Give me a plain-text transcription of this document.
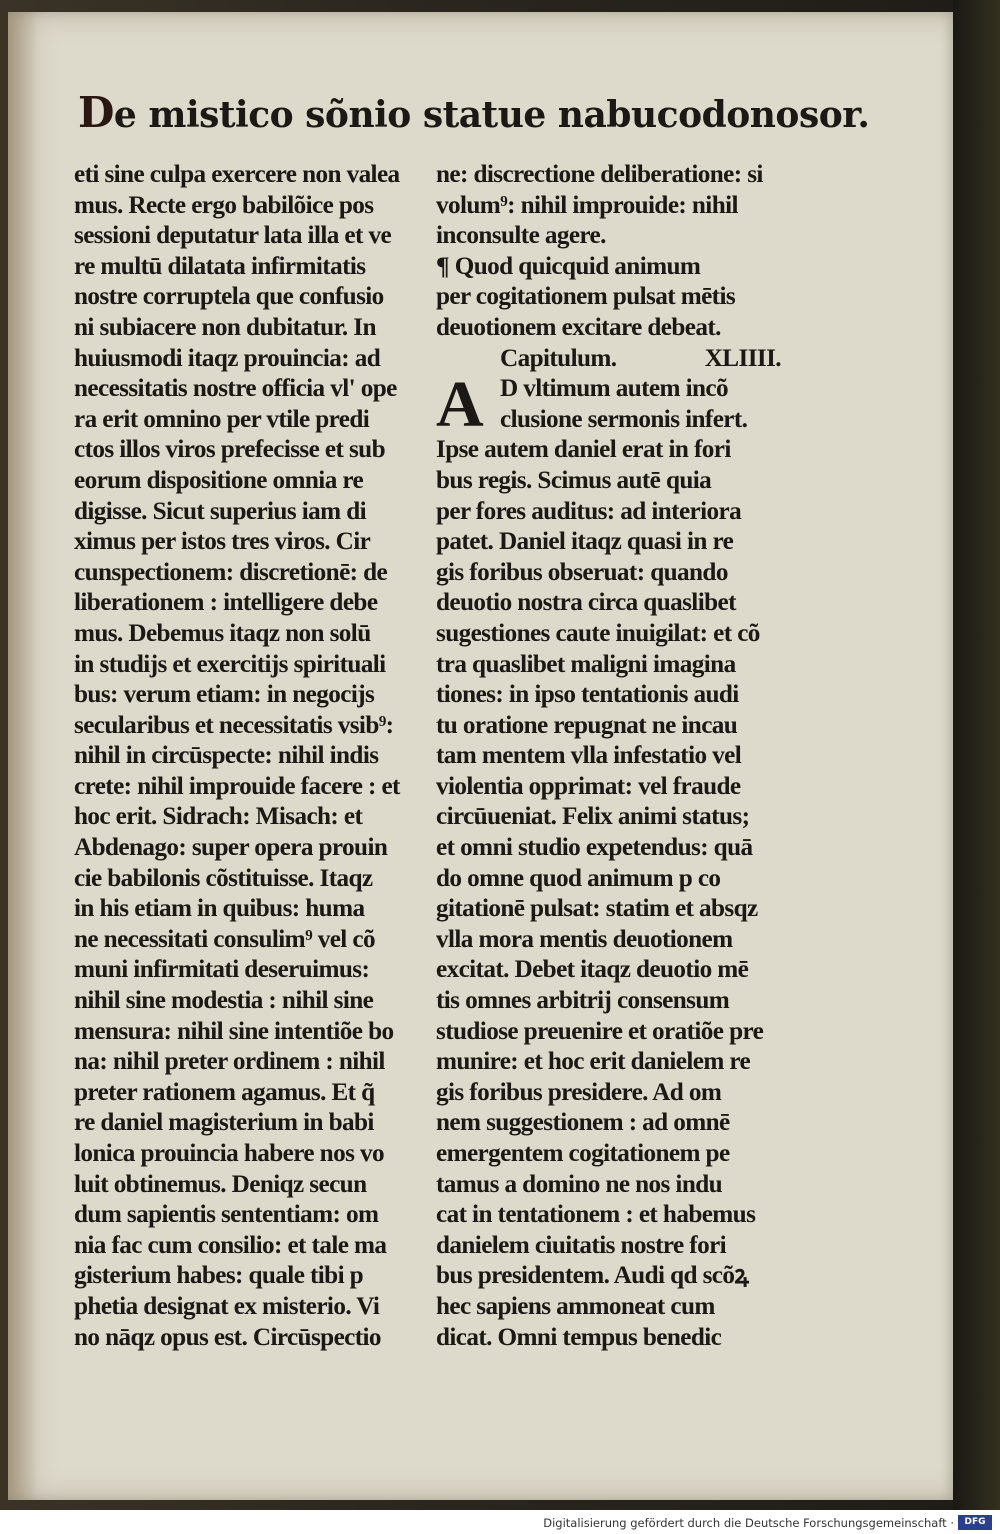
De mistico sõnio statue nabucodonosor.
eti sine culpa exercere non valea
mus. Recte ergo babilõice pos
sessioni deputatur lata illa et ve
re multū dilatata infirmitatis
nostre corruptela que confusio
ni subiacere non dubitatur. In
huiusmodi itaqz prouincia: ad
necessitatis nostre officia vl' ope
ra erit omnino per vtile predi
ctos illos viros prefecisse et sub
eorum dispositione omnia re
digisse. Sicut superius iam di
ximus per istos tres viros. Cir
cunspectionem: discretionē: de
liberationem : intelligere debe
mus. Debemus itaqz non solū
in studijs et exercitijs spirituali
bus: verum etiam: in negocijs
secularibus et necessitatis vsib⁹:
nihil in circūspecte: nihil indis
crete: nihil improuide facere : et
hoc erit. Sidrach: Misach: et
Abdenago: super opera prouin
cie babilonis cõstituisse. Itaqz
in his etiam in quibus: huma
ne necessitati consulim⁹ vel cõ
muni infirmitati deseruimus:
nihil sine modestia : nihil sine
mensura: nihil sine intentiõe bo
na: nihil preter ordinem : nihil
preter rationem agamus. Et q̃
re daniel magisterium in babi
lonica prouincia habere nos vo
luit obtinemus. Deniqz secun
dum sapientis sententiam: om
nia fac cum consilio: et tale ma
gisterium habes: quale tibi p
phetia designat ex misterio. Vi
no nāqz opus est. Circūspectio
ne: discrectione deliberatione: si
volum⁹: nihil improuide: nihil
inconsulte agere.
¶ Quod quicquid animum
per cogitationem pulsat mētis
deuotionem excitare debeat.
Capitulum.	XLIIII.
A D vltimum autem incõ
clusione sermonis infert.
Ipse autem daniel erat in fori
bus regis. Scimus autē quia
per fores auditus: ad interiora
patet. Daniel itaqz quasi in re
gis foribus obseruat: quando
deuotio nostra circa quaslibet
sugestiones caute inuigilat: et cõ
tra quaslibet maligni imagina
tiones: in ipso tentationis audi
tu oratione repugnat ne incau
tam mentem vlla infestatio vel
violentia opprimat: vel fraude
circūueniat. Felix animi status;
et omni studio expetendus: quā
do omne quod animum p co
gitationē pulsat: statim et absqz
vlla mora mentis deuotionem
excitat. Debet itaqz deuotio mē
tis omnes arbitrij consensum
studiose preuenire et oratiõe pre
munire: et hoc erit danielem re
gis foribus presidere. Ad om
nem suggestionem : ad omnē
emergentem cogitationem pe
tamus a domino ne nos indu
cat in tentationem : et habemus
danielem ciuitatis nostre fori
bus presidentem. Audi qd scõꝝ
hec sapiens ammoneat cum
dicat. Omni tempus benedic
Digitalisierung gefördert durch die Deutsche Forschungsgemeinschaft ·	DFG
